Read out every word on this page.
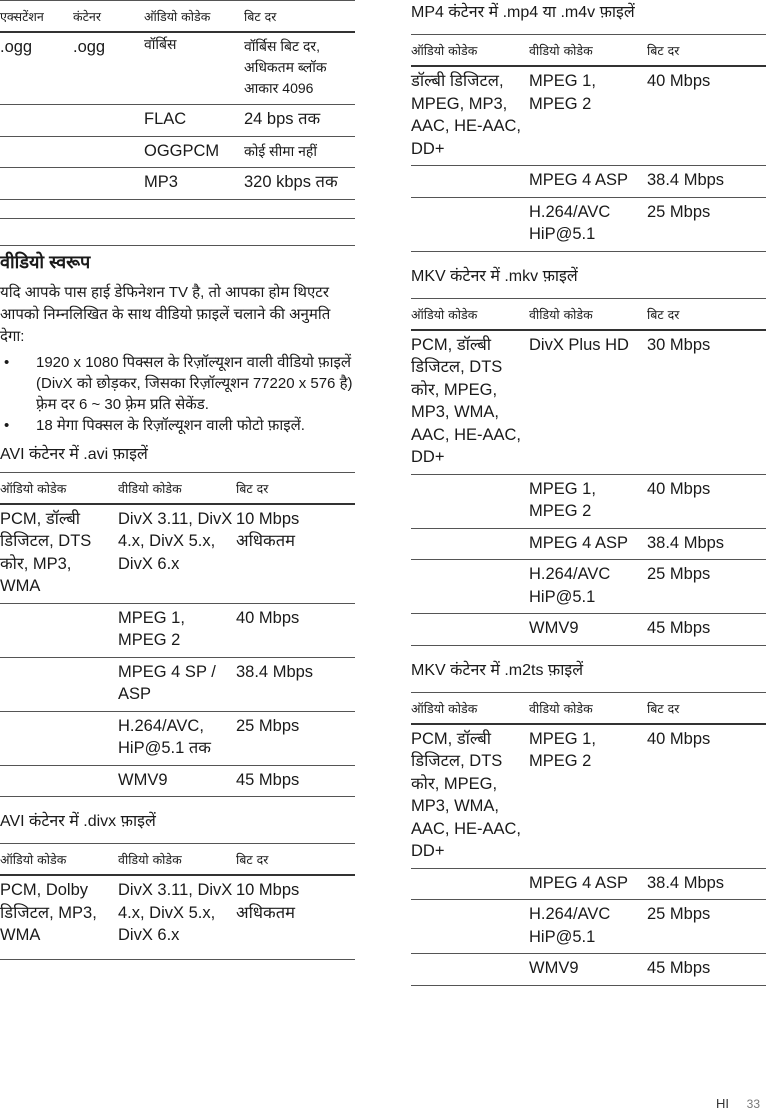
एक्सटेंशन	कंटेनर	ऑडियो कोडेक	बिट दर
.ogg	.ogg	वॉर्बिस	वॉर्बिस बिट दर, अधिकतम ब्लॉक आकार 4096
		FLAC	24 bps तक
		OGGPCM	कोई सीमा नहीं
		MP3	320 kbps तक

वीडियो स्वरूप

यदि आपके पास हाई डेफिनेशन TV है, तो आपका होम थिएटर आपको निम्नलिखित के साथ वीडियो फ़ाइलें चलाने की अनुमति देगा:

• 1920 x 1080 पिक्सल के रिज़ॉल्यूशन वाली वीडियो फ़ाइलें (DivX को छोड़कर, जिसका रिज़ॉल्यूशन 77220 x 576 है) फ़्रेम दर 6 ~ 30 फ़्रेम प्रति सेकेंड.
• 18 मेगा पिक्सल के रिज़ॉल्यूशन वाली फोटो फ़ाइलें.

AVI कंटेनर में .avi फ़ाइलें

ऑडियो कोडेक	वीडियो कोडेक	बिट दर
PCM, डॉल्बी डिजिटल, DTS कोर, MP3, WMA	DivX 3.11, DivX 4.x, DivX 5.x, DivX 6.x	10 Mbps अधिकतम
	MPEG 1, MPEG 2	40 Mbps
	MPEG 4 SP / ASP	38.4 Mbps
	H.264/AVC, HiP@5.1 तक	25 Mbps
	WMV9	45 Mbps

AVI कंटेनर में .divx फ़ाइलें

ऑडियो कोडेक	वीडियो कोडेक	बिट दर
PCM, Dolby डिजिटल, MP3, WMA	DivX 3.11, DivX 4.x, DivX 5.x, DivX 6.x	10 Mbps अधिकतम

MP4 कंटेनर में .mp4 या .m4v फ़ाइलें

ऑडियो कोडेक	वीडियो कोडेक	बिट दर
डॉल्बी डिजिटल, MPEG, MP3, AAC, HE-AAC, DD+	MPEG 1, MPEG 2	40 Mbps
	MPEG 4 ASP	38.4 Mbps
	H.264/AVC HiP@5.1	25 Mbps

MKV कंटेनर में .mkv फ़ाइलें

ऑडियो कोडेक	वीडियो कोडेक	बिट दर
PCM, डॉल्बी डिजिटल, DTS कोर, MPEG, MP3, WMA, AAC, HE-AAC, DD+	DivX Plus HD	30 Mbps
	MPEG 1, MPEG 2	40 Mbps
	MPEG 4 ASP	38.4 Mbps
	H.264/AVC HiP@5.1	25 Mbps
	WMV9	45 Mbps

MKV कंटेनर में .m2ts फ़ाइलें

ऑडियो कोडेक	वीडियो कोडेक	बिट दर
PCM, डॉल्बी डिजिटल, DTS कोर, MPEG, MP3, WMA, AAC, HE-AAC, DD+	MPEG 1, MPEG 2	40 Mbps
	MPEG 4 ASP	38.4 Mbps
	H.264/AVC HiP@5.1	25 Mbps
	WMV9	45 Mbps
HI 33
